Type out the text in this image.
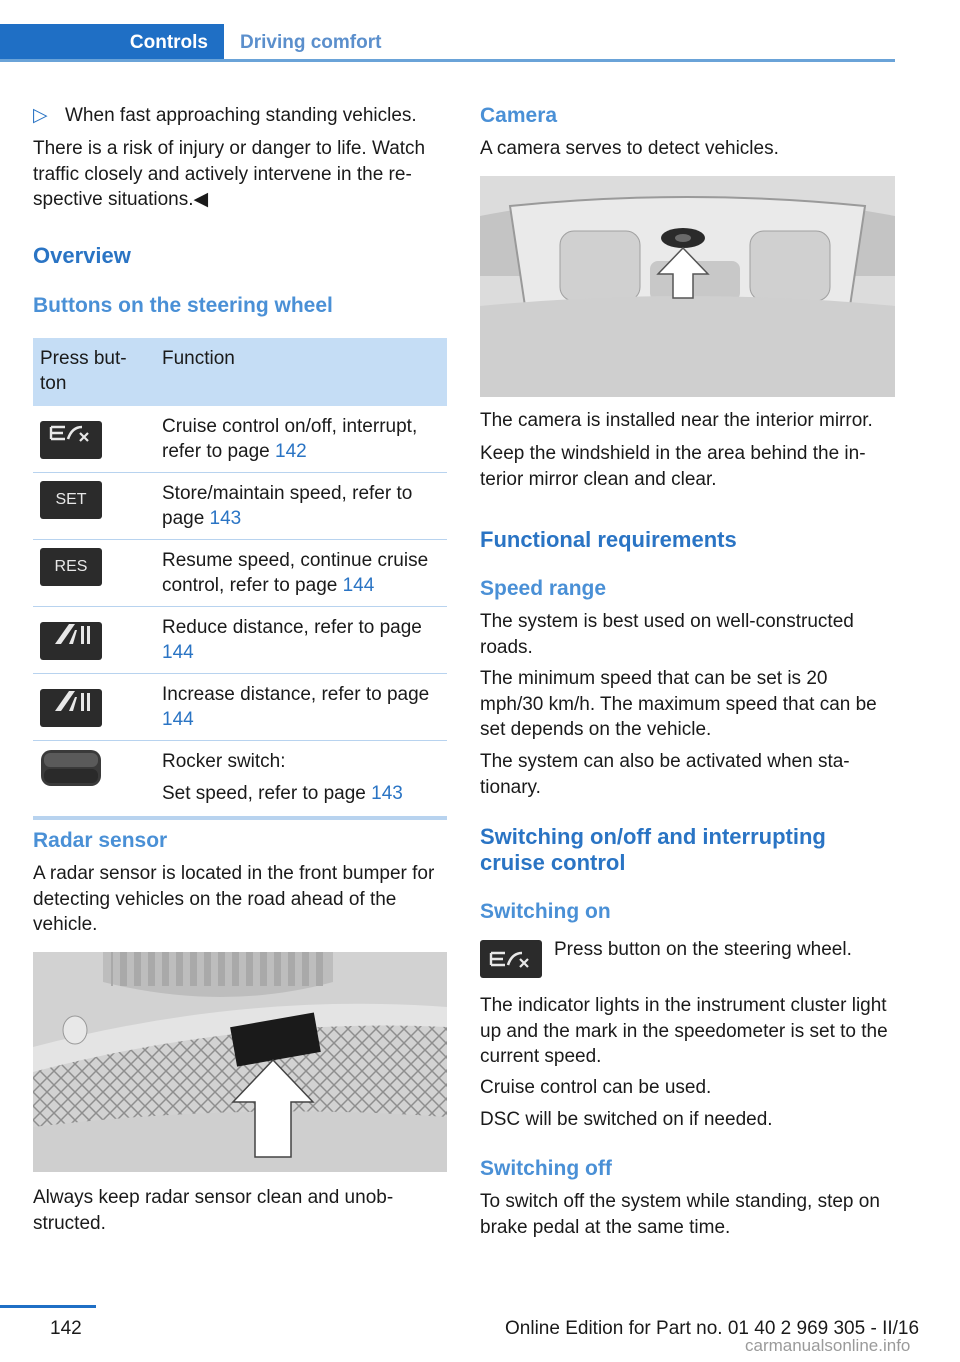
Controls	Driving comfort

▷ When fast approaching standing vehicles.

There is a risk of injury or danger to life. Watch traffic closely and actively intervene in the re-spective situations.◀

Overview

Buttons on the steering wheel

Press but-ton	Function

	Cruise control on/off, interrupt, refer to page 142

SET	Store/maintain speed, refer to page 143

RES	Resume speed, continue cruise control, refer to page 144

	Reduce distance, refer to page 144

	Increase distance, refer to page 144

Rocker switch:
Set speed, refer to page 143

Radar sensor

A radar sensor is located in the front bumper for detecting vehicles on the road ahead of the vehicle.

Always keep radar sensor clean and unob-structed.

Camera

A camera serves to detect vehicles.

The camera is installed near the interior mirror.

Keep the windshield in the area behind the in-terior mirror clean and clear.

Functional requirements

Speed range

The system is best used on well-constructed roads.

The minimum speed that can be set is 20 mph/30 km/h. The maximum speed that can be set depends on the vehicle.

The system can also be activated when sta-tionary.

Switching on/off and interrupting cruise control

Switching on

Press button on the steering wheel.

The indicator lights in the instrument cluster light up and the mark in the speedometer is set to the current speed.

Cruise control can be used.

DSC will be switched on if needed.

Switching off

To switch off the system while standing, step on brake pedal at the same time.

142	Online Edition for Part no. 01 40 2 969 305 - II/16
carmanualsonline.info
